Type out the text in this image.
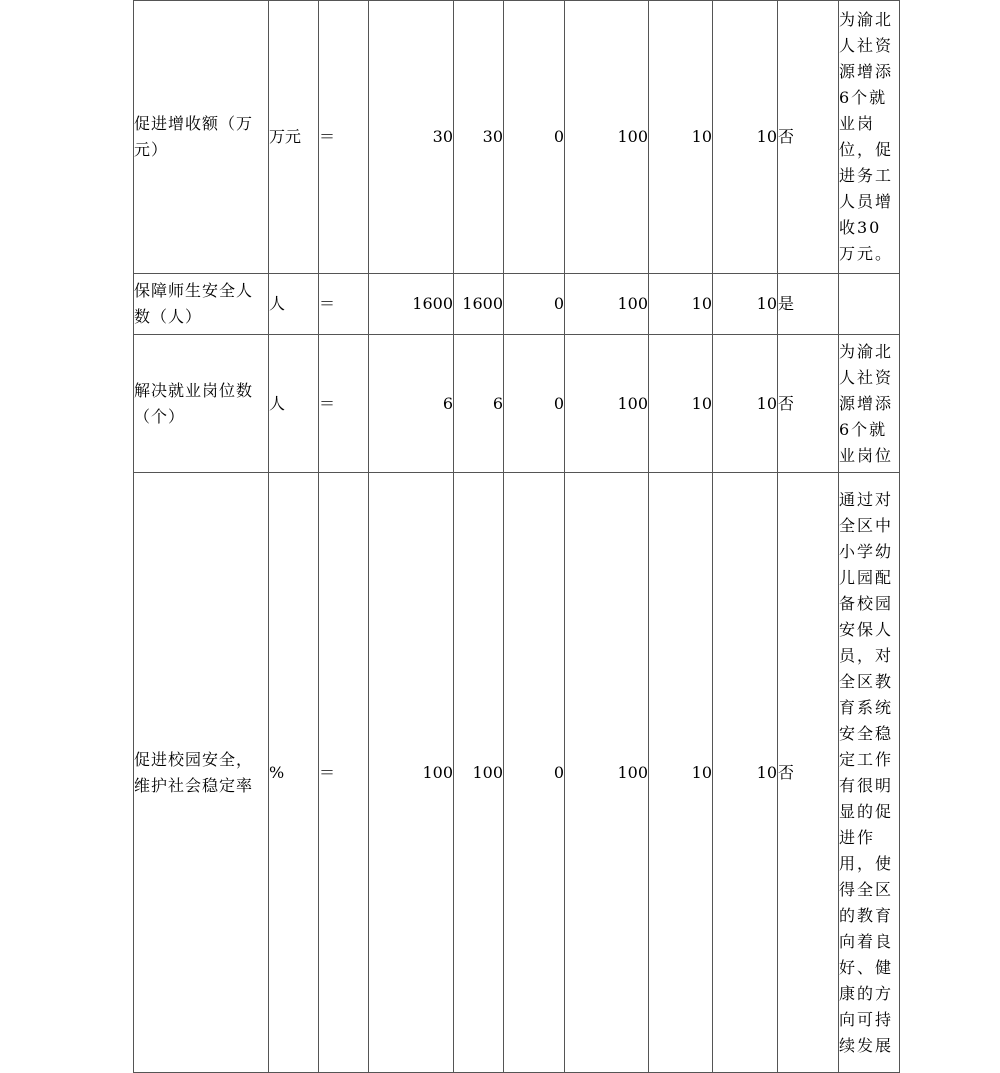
促进增收额（万元）	万元	＝	30	30	0	100	10	10	否	为渝北人社资源增添6个就业岗位，促进务工人员增收30万元。
保障师生安全人数（人）	人	＝	1600	1600	0	100	10	10	是	
解决就业岗位数（个）	人	＝	6	6	0	100	10	10	否	为渝北人社资源增添6个就业岗位
促进校园安全，维护社会稳定率	%	＝	100	100	0	100	10	10	否	通过对全区中小学幼儿园配备校园安保人员，对全区教育系统安全稳定工作有很明显的促进作用，使得全区的教育向着良好、健康的方向可持续发展
